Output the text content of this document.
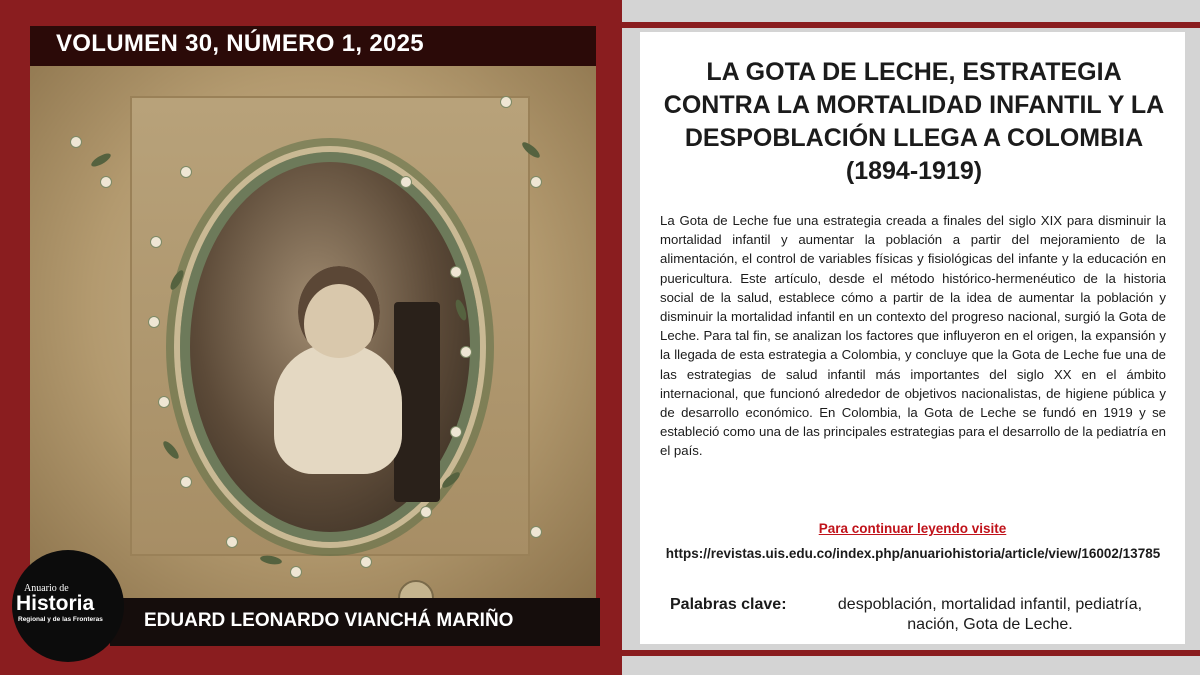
VOLUMEN 30, NÚMERO 1, 2025
EDUARD LEONARDO VIANCHÁ MARIÑO
Anuario de
Historia
Regional y de las Fronteras
LA GOTA DE LECHE, ESTRATEGIA CONTRA LA MORTALIDAD INFANTIL Y LA DESPOBLACIÓN LLEGA A COLOMBIA (1894-1919)

La Gota de Leche fue una estrategia creada a finales del siglo XIX para disminuir la mortalidad infantil y aumentar la población a partir del mejoramiento de la alimentación, el control de variables físicas y fisiológicas del infante y la educación en puericultura. Este artículo, desde el método histórico-hermenéutico de la historia social de la salud, establece cómo a partir de la idea de aumentar la población y disminuir la mortalidad infantil en un contexto del progreso nacional, surgió la Gota de Leche. Para tal fin, se analizan los factores que influyeron en el origen, la expansión y la llegada de esta estrategia a Colombia, y concluye que la Gota de Leche fue una de las estrategias de salud infantil más importantes del siglo XX en el ámbito internacional, que funcionó alrededor de objetivos nacionalistas, de higiene pública y de desarrollo económico. En Colombia, la Gota de Leche se fundó en 1919 y se estableció como una de las principales estrategias para el desarrollo de la pediatría en el país.

Para continuar leyendo visite
https://revistas.uis.edu.co/index.php/anuariohistoria/article/view/16002/13785
Palabras clave:	despoblación, mortalidad infantil, pediatría, nación, Gota de Leche.
